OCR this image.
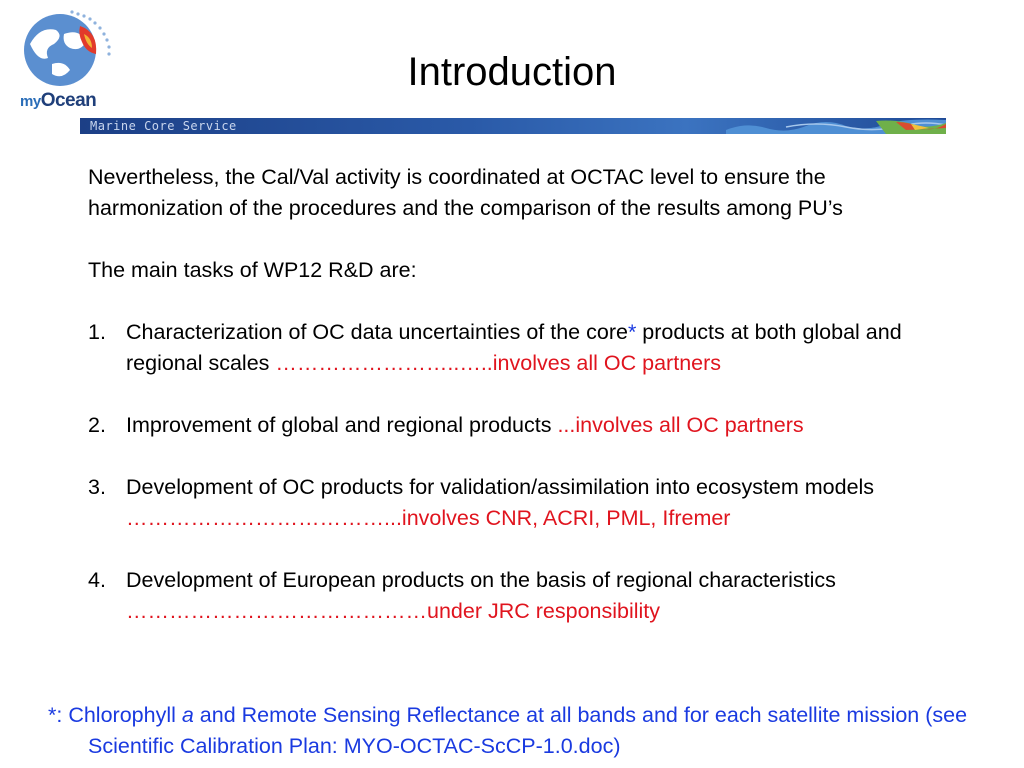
myOcean
Introduction
Marine Core Service

Nevertheless, the Cal/Val activity is coordinated at OCTAC level to ensure the harmonization of the procedures and the comparison of the results among PU’s

The main tasks of WP12 R&D are:

1. Characterization of OC data uncertainties of the core* products at both global and regional scales ……………………..…..involves all OC partners
2. Improvement of global and regional products ...involves all OC partners
3. Development of OC products for validation/assimilation into ecosystem models ………………………………...involves CNR, ACRI, PML, Ifremer
4. Development of European products on the basis of regional characteristics ……………………………………under JRC responsibility
*: Chlorophyll a and Remote Sensing Reflectance at all bands and for each satellite mission (see Scientific Calibration Plan: MYO-OCTAC-ScCP-1.0.doc)
